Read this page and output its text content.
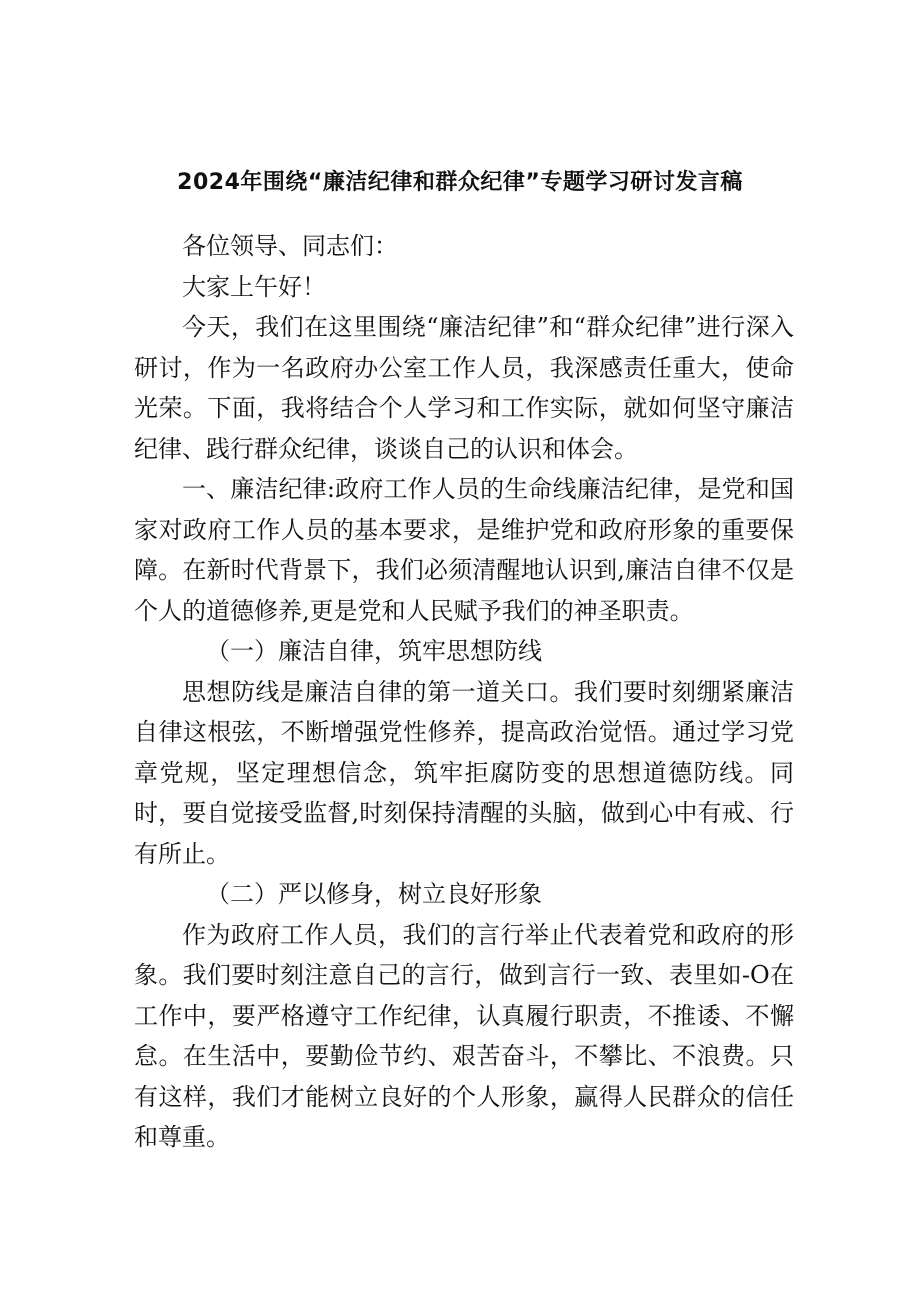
2024年围绕“廉洁纪律和群众纪律”专题学习研讨发言稿

各位领导、同志们：

大家上午好！

今天，我们在这里围绕“廉洁纪律”和“群众纪律”进行深入研讨，作为一名政府办公室工作人员，我深感责任重大，使命光荣。下面，我将结合个人学习和工作实际，就如何坚守廉洁纪律、践行群众纪律，谈谈自己的认识和体会。

一、廉洁纪律:政府工作人员的生命线廉洁纪律，是党和国家对政府工作人员的基本要求，是维护党和政府形象的重要保障。在新时代背景下，我们必须清醒地认识到,廉洁自律不仅是个人的道德修养,更是党和人民赋予我们的神圣职责。

（一）廉洁自律，筑牢思想防线

思想防线是廉洁自律的第一道关口。我们要时刻绷紧廉洁自律这根弦，不断增强党性修养，提高政治觉悟。通过学习党章党规，坚定理想信念，筑牢拒腐防变的思想道德防线。同时，要自觉接受监督,时刻保持清醒的头脑，做到心中有戒、行有所止。

（二）严以修身，树立良好形象

作为政府工作人员，我们的言行举止代表着党和政府的形象。我们要时刻注意自己的言行，做到言行一致、表里如-O在工作中，要严格遵守工作纪律，认真履行职责，不推诿、不懈怠。在生活中，要勤俭节约、艰苦奋斗，不攀比、不浪费。只有这样，我们才能树立良好的个人形象，赢得人民群众的信任和尊重。
